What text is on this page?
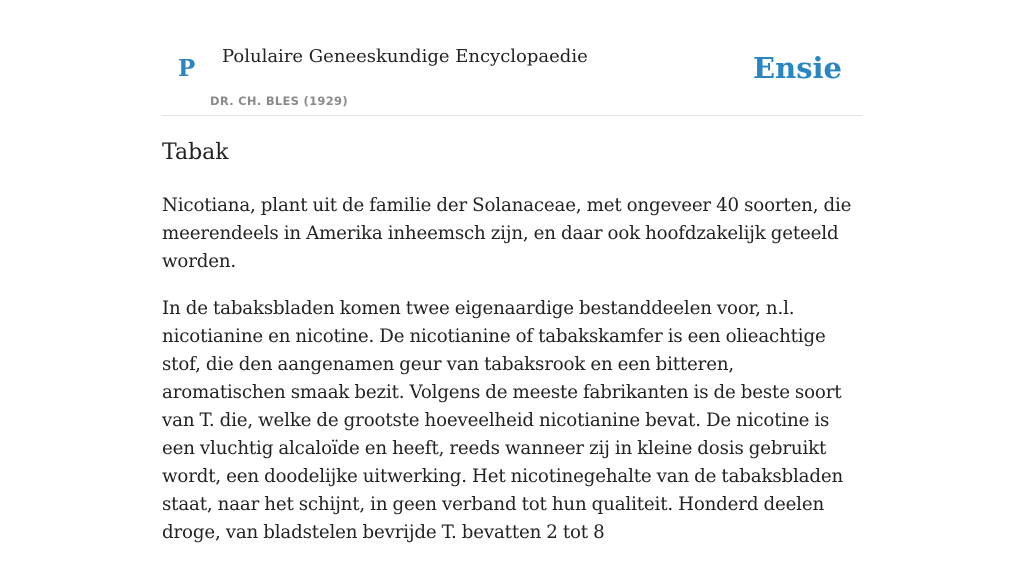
P Polulaire Geneeskundige Encyclopaedie
DR. CH. BLES (1929)
Ensie
Tabak

Nicotiana, plant uit de familie der Solanaceae, met ongeveer 40 soorten, die meerendeels in Amerika inheemsch zijn, en daar ook hoofdzakelijk geteeld worden.

In de tabaksbladen komen twee eigenaardige bestanddeelen voor, n.l. nicotianine en nicotine. De nicotianine of tabakskamfer is een olieachtige stof, die den aangenamen geur van tabaksrook en een bitteren, aromatischen smaak bezit. Volgens de meeste fabrikanten is de beste soort van T. die, welke de grootste hoeveelheid nicotianine bevat. De nicotine is een vluchtig alcaloïde en heeft, reeds wanneer zij in kleine dosis gebruikt wordt, een doodelijke uitwerking. Het nicotinegehalte van de tabaksbladen staat, naar het schijnt, in geen verband tot hun qualiteit. Honderd deelen droge, van bladstelen bevrijde T. bevatten 2 tot 8
